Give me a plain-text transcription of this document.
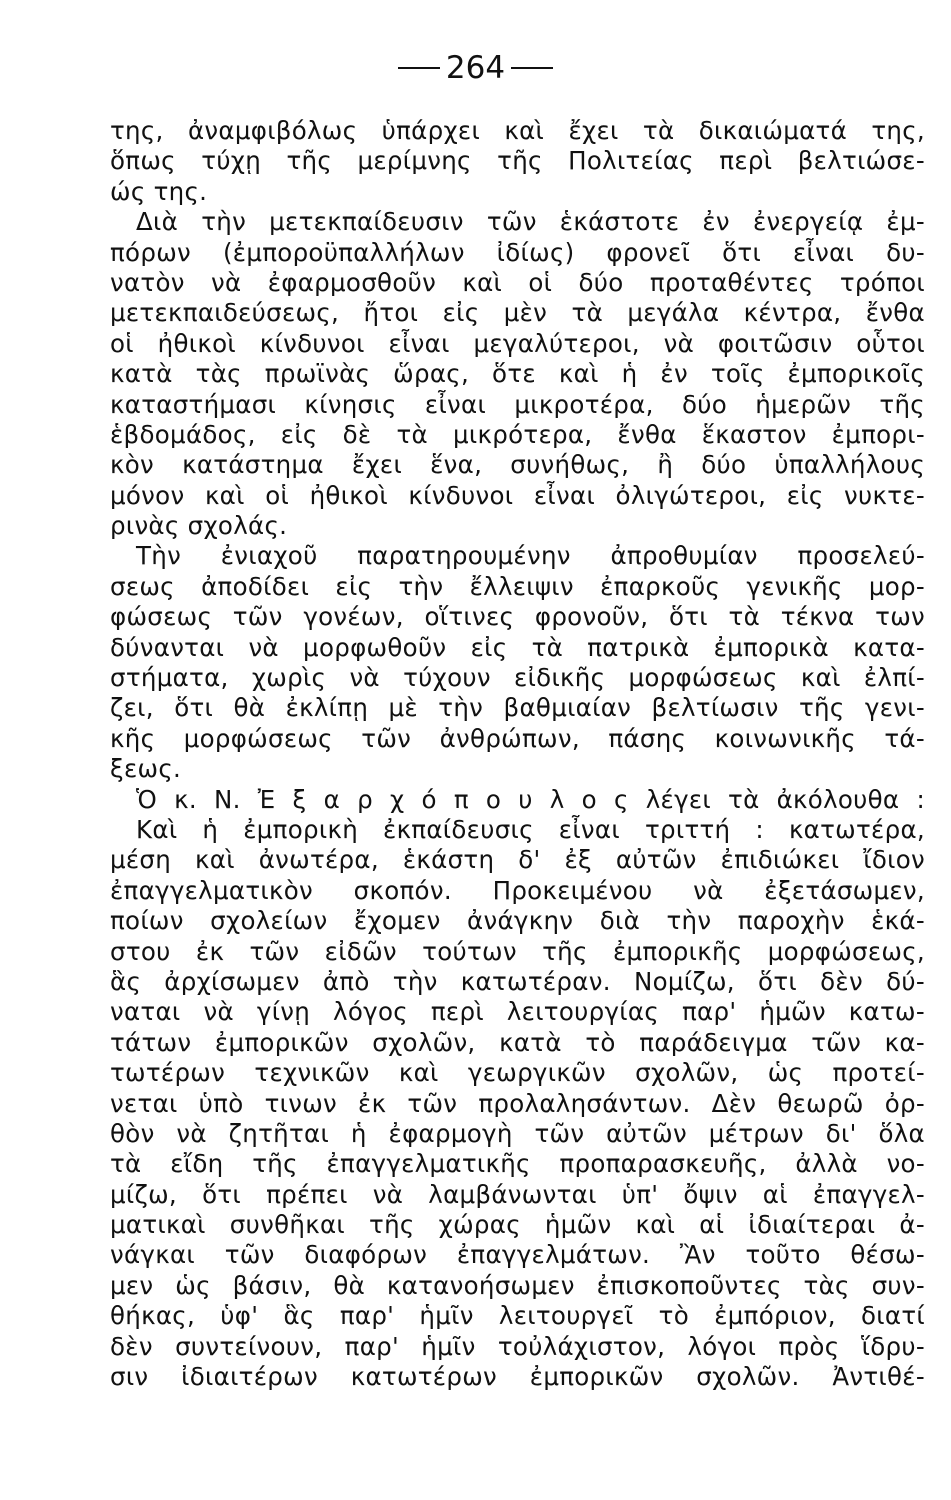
264
της, ἀναμφιβόλως ὑπάρχει καὶ ἔχει τὰ δικαιώματά της,
ὅπως τύχῃ τῆς μερίμνης τῆς Πολιτείας περὶ βελτιώσε-
ώς της.
Διὰ τὴν μετεκπαίδευσιν τῶν ἑκάστοτε ἐν ἐνεργείᾳ ἐμ-
πόρων (ἐμποροϋπαλλήλων ἰδίως) φρονεῖ ὅτι εἶναι δυ-
νατὸν νὰ ἐφαρμοσθοῦν καὶ οἱ δύο προταθέντες τρόποι
μετεκπαιδεύσεως, ἤτοι εἰς μὲν τὰ μεγάλα κέντρα, ἔνθα
οἱ ἠθικοὶ κίνδυνοι εἶναι μεγαλύτεροι, νὰ φοιτῶσιν οὗτοι
κατὰ τὰς πρωϊνὰς ὥρας, ὅτε καὶ ἡ ἐν τοῖς ἐμπορικοῖς
καταστήμασι κίνησις εἶναι μικροτέρα, δύο ἡμερῶν τῆς
ἑβδομάδος, εἰς δὲ τὰ μικρότερα, ἔνθα ἕκαστον ἐμπορι-
κὸν κατάστημα ἔχει ἕνα, συνήθως, ἢ δύο ὑπαλλήλους
μόνον καὶ οἱ ἠθικοὶ κίνδυνοι εἶναι ὀλιγώτεροι, εἰς νυκτε-
ρινὰς σχολάς.
Τὴν ἐνιαχοῦ παρατηρουμένην ἀπροθυμίαν προσελεύ-
σεως ἀποδίδει εἰς τὴν ἔλλειψιν ἐπαρκοῦς γενικῆς μορ-
φώσεως τῶν γονέων, οἵτινες φρονοῦν, ὅτι τὰ τέκνα των
δύνανται νὰ μορφωθοῦν εἰς τὰ πατρικὰ ἐμπορικὰ κατα-
στήματα, χωρὶς νὰ τύχουν εἰδικῆς μορφώσεως καὶ ἐλπί-
ζει, ὅτι θὰ ἐκλίπῃ μὲ τὴν βαθμιαίαν βελτίωσιν τῆς γενι-
κῆς μορφώσεως τῶν ἀνθρώπων, πάσης κοινωνικῆς τά-
ξεως.
Ὁ κ. Ν. Ἐ ξ α ρ χ ό π ο υ λ ο ς λέγει τὰ ἀκόλουθα :
Καὶ ἡ ἐμπορικὴ ἐκπαίδευσις εἶναι τριττή : κατωτέρα,
μέση καὶ ἀνωτέρα, ἑκάστη δ' ἐξ αὐτῶν ἐπιδιώκει ἴδιον
ἐπαγγελματικὸν σκοπόν. Προκειμένου νὰ ἐξετάσωμεν,
ποίων σχολείων ἔχομεν ἀνάγκην διὰ τὴν παροχὴν ἑκά-
στου ἐκ τῶν εἰδῶν τούτων τῆς ἐμπορικῆς μορφώσεως,
ἃς ἀρχίσωμεν ἀπὸ τὴν κατωτέραν. Νομίζω, ὅτι δὲν δύ-
ναται νὰ γίνῃ λόγος περὶ λειτουργίας παρ' ἡμῶν κατω-
τάτων ἐμπορικῶν σχολῶν, κατὰ τὸ παράδειγμα τῶν κα-
τωτέρων τεχνικῶν καὶ γεωργικῶν σχολῶν, ὡς προτεί-
νεται ὑπὸ τινων ἐκ τῶν προλαλησάντων. Δὲν θεωρῶ ὀρ-
θὸν νὰ ζητῆται ἡ ἐφαρμογὴ τῶν αὐτῶν μέτρων δι' ὅλα
τὰ εἴδη τῆς ἐπαγγελματικῆς προπαρασκευῆς, ἀλλὰ νο-
μίζω, ὅτι πρέπει νὰ λαμβάνωνται ὑπ' ὄψιν αἱ ἐπαγγελ-
ματικαὶ συνθῆκαι τῆς χώρας ἡμῶν καὶ αἱ ἰδιαίτεραι ἀ-
νάγκαι τῶν διαφόρων ἐπαγγελμάτων. Ἂν τοῦτο θέσω-
μεν ὡς βάσιν, θὰ κατανοήσωμεν ἐπισκοποῦντες τὰς συν-
θήκας, ὑφ' ἃς παρ' ἡμῖν λειτουργεῖ τὸ ἐμπόριον, διατί
δὲν συντείνουν, παρ' ἡμῖν τοὐλάχιστον, λόγοι πρὸς ἵδρυ-
σιν ἰδιαιτέρων κατωτέρων ἐμπορικῶν σχολῶν. Ἀντιθέ-
